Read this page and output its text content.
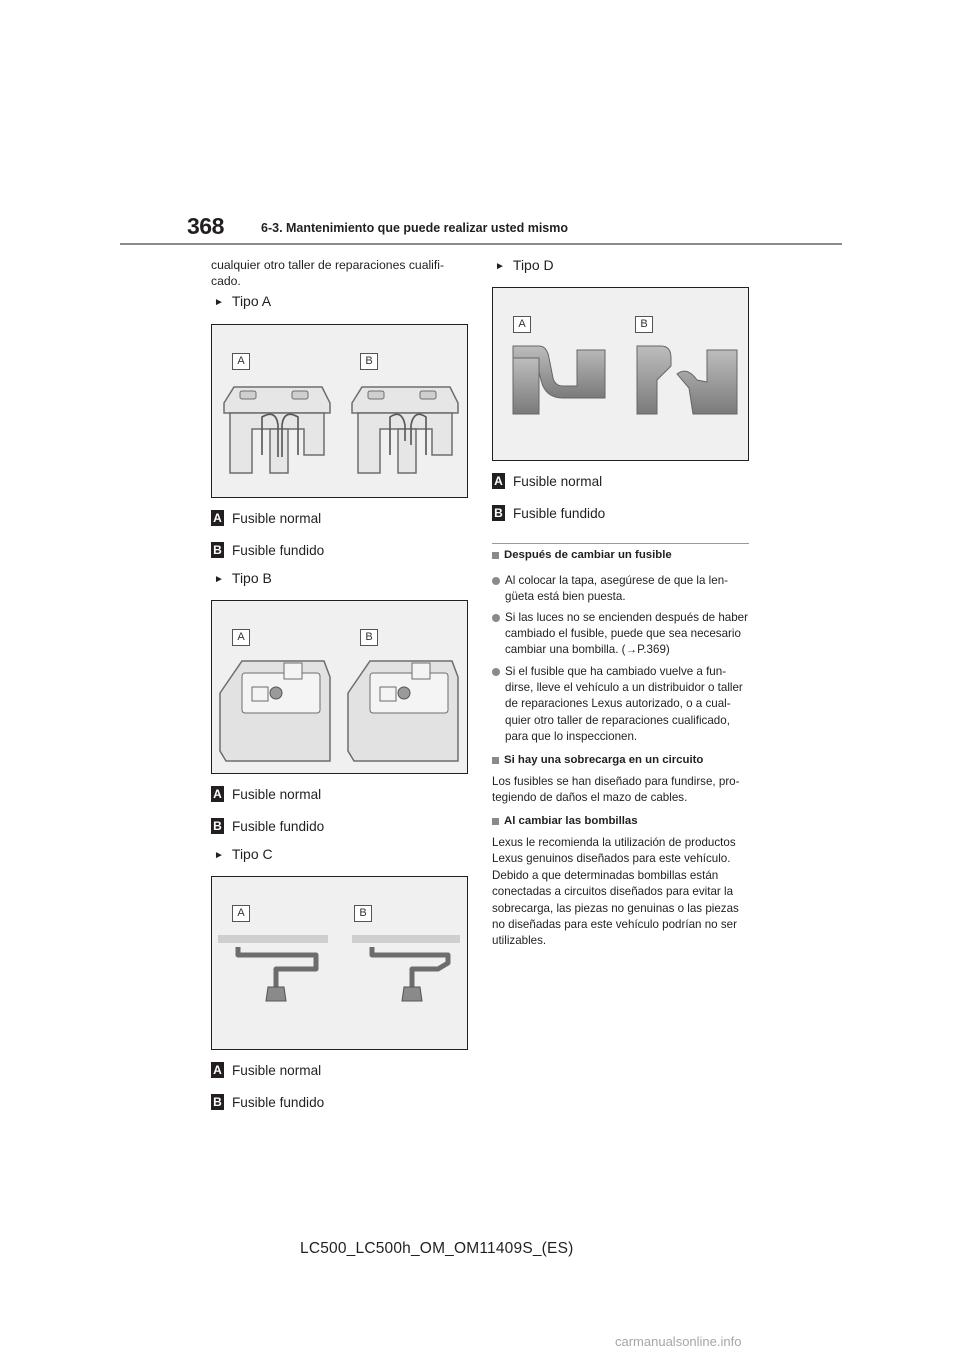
368	6-3. Mantenimiento que puede realizar usted mismo
cualquier otro taller de reparaciones cualifi- cado.
► Tipo A
A	B
A Fusible normal
B Fusible fundido
► Tipo B
A	B
A Fusible normal
B Fusible fundido
► Tipo C
A	B
A Fusible normal
B Fusible fundido
► Tipo D
A	B
A Fusible normal
B Fusible fundido
Después de cambiar un fusible
Al colocar la tapa, asegúrese de que la len- güeta está bien puesta.
Si las luces no se encienden después de haber cambiado el fusible, puede que sea necesario cambiar una bombilla. (→P.369)
Si el fusible que ha cambiado vuelve a fun- dirse, lleve el vehículo a un distribuidor o taller de reparaciones Lexus autorizado, o a cual- quier otro taller de reparaciones cualificado, para que lo inspeccionen.
Si hay una sobrecarga en un circuito
Los fusibles se han diseñado para fundirse, pro- tegiendo de daños el mazo de cables.
Al cambiar las bombillas
Lexus le recomienda la utilización de productos Lexus genuinos diseñados para este vehículo. Debido a que determinadas bombillas están conectadas a circuitos diseñados para evitar la sobrecarga, las piezas no genuinas o las piezas no diseñadas para este vehículo podrían no ser utilizables.
LC500_LC500h_OM_OM11409S_(ES)
carmanualsonline.info
